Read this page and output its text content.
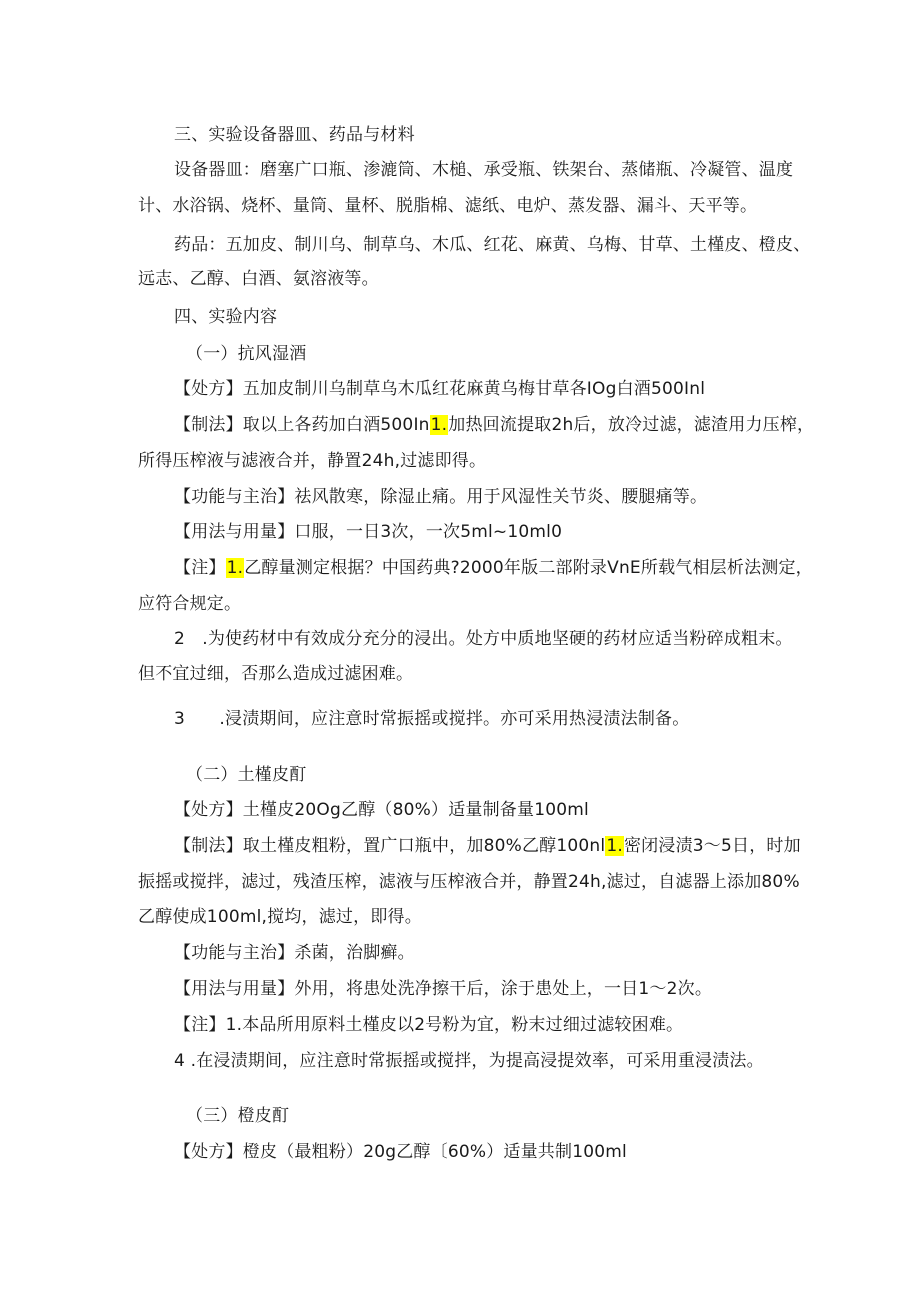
三、实验设备器皿、药品与材料
设备器皿：磨塞广口瓶、渗漉筒、木槌、承受瓶、铁架台、蒸储瓶、冷凝管、温度
计、水浴锅、烧杯、量筒、量杯、脱脂棉、滤纸、电炉、蒸发器、漏斗、天平等。
药品：五加皮、制川乌、制草乌、木瓜、红花、麻黄、乌梅、甘草、土槿皮、橙皮、
远志、乙醇、白酒、氨溶液等。
四、实验内容
（一）抗风湿酒
【处方】五加皮制川乌制草乌木瓜红花麻黄乌梅甘草各IOg白酒500Inl
【制法】取以上各药加白酒500In1.加热回流提取2h后，放冷过滤，滤渣用力压榨，
所得压榨液与滤液合并，静置24h,过滤即得。
【功能与主治】祛风散寒，除湿止痛。用于风湿性关节炎、腰腿痛等。
【用法与用量】口服，一日3次，一次5ml~10ml0
【注】1.乙醇量测定根据？中国药典?2000年版二部附录VnE所载气相层析法测定，
应符合规定。
2 .为使药材中有效成分充分的浸出。处方中质地坚硬的药材应适当粉碎成粗末。
但不宜过细，否那么造成过滤困难。
3  .浸渍期间，应注意时常振摇或搅拌。亦可采用热浸渍法制备。
（二）土槿皮酊
【处方】土槿皮20Og乙醇（80%）适量制备量100ml
【制法】取土槿皮粗粉，置广口瓶中，加80%乙醇100nl1.密闭浸渍3～5日，时加
振摇或搅拌，滤过，残渣压榨，滤液与压榨液合并，静置24h,滤过，自滤器上添加80%
乙醇使成100ml,搅均，滤过，即得。
【功能与主治】杀菌，治脚癣。
【用法与用量】外用，将患处洗净擦干后，涂于患处上，一日1～2次。
【注】1.本品所用原料土槿皮以2号粉为宜，粉末过细过滤较困难。
4 .在浸渍期间，应注意时常振摇或搅拌，为提高浸提效率，可采用重浸渍法。
（三）橙皮酊
【处方】橙皮（最粗粉）20g乙醇〔60%）适量共制100ml
